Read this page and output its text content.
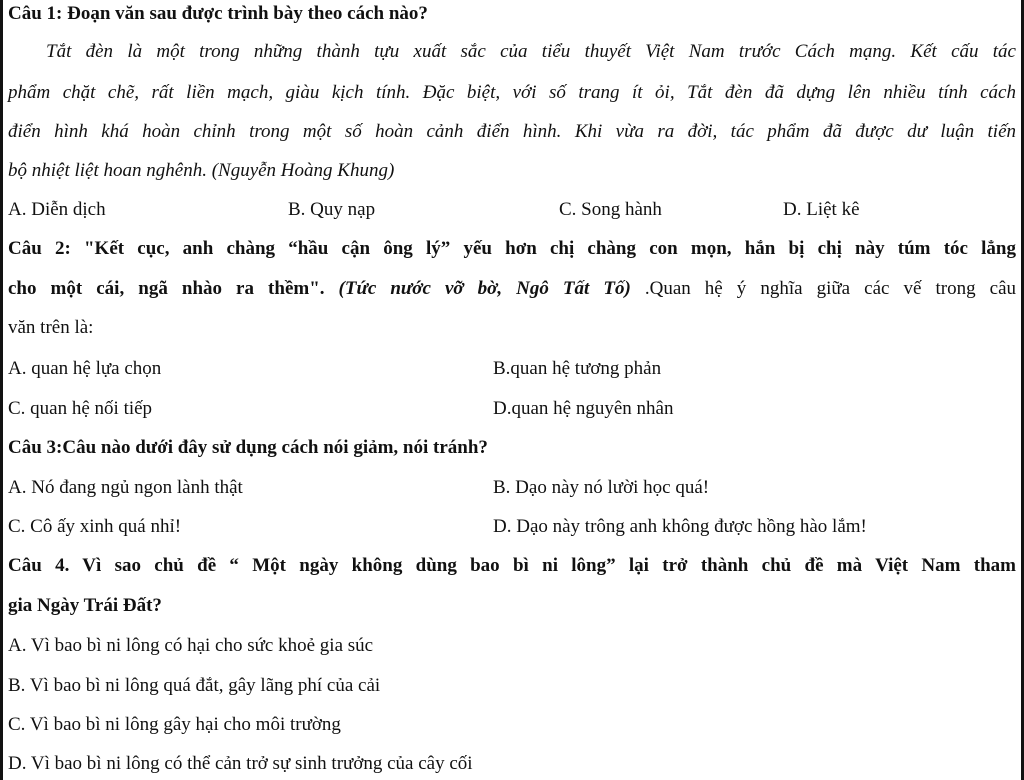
Câu 1: Đoạn văn sau được trình bày theo cách nào?
Tắt đèn là một trong những thành tựu xuất sắc của tiểu thuyết Việt Nam trước Cách mạng. Kết cấu tác
phẩm chặt chẽ, rất liền mạch, giàu kịch tính. Đặc biệt, với số trang ít ỏi, Tắt đèn đã dựng lên nhiều tính cách
điển hình khá hoàn chỉnh trong một số hoàn cảnh điển hình. Khi vừa ra đời, tác phẩm đã được dư luận tiến
bộ nhiệt liệt hoan nghênh. (Nguyễn Hoàng Khung)
A. Diễn dịch	B. Quy nạp	C. Song hành	D. Liệt kê
Câu 2: "Kết cục, anh chàng “hầu cận ông lý” yếu hơn chị chàng con mọn, hắn bị chị này túm tóc lẳng
cho một cái, ngã nhào ra thềm". (Tức nước vỡ bờ, Ngô Tất Tố) .Quan hệ ý nghĩa giữa các vế trong câu
văn trên là:
A. quan hệ lựa chọn	B.quan hệ tương phản
C. quan hệ nối tiếp	D.quan hệ nguyên nhân
Câu 3:Câu nào dưới đây sử dụng cách nói giảm, nói tránh?
A. Nó đang ngủ ngon lành thật	B. Dạo này nó lười học quá!
C. Cô ấy xinh quá nhỉ!	D. Dạo này trông anh không được hồng hào lắm!
Câu 4. Vì sao chủ đề “ Một ngày không dùng bao bì ni lông” lại trở thành chủ đề mà Việt Nam tham
gia Ngày Trái Đất?
A. Vì bao bì ni lông có hại cho sức khoẻ gia súc
B. Vì bao bì ni lông quá đắt, gây lãng phí của cải
C. Vì bao bì ni lông gây hại cho môi trường
D. Vì bao bì ni lông có thể cản trở sự sinh trưởng của cây cối
